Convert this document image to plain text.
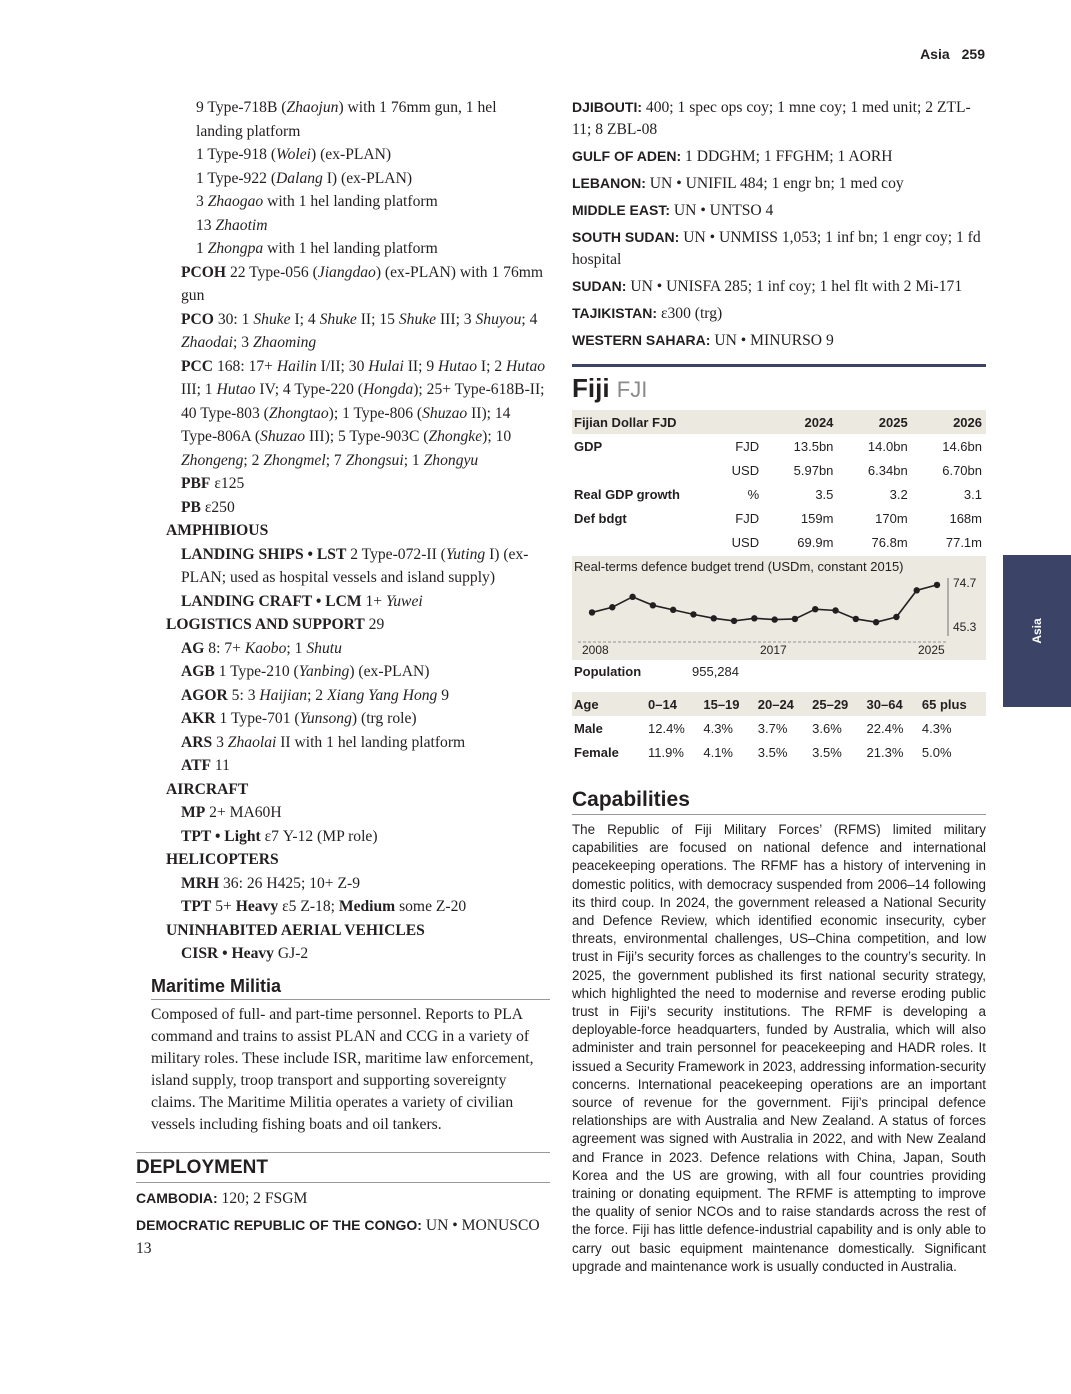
Asia 259
Asia

9 Type-718B (Zhaojun) with 1 76mm gun, 1 hel

landing platform

1 Type-918 (Wolei) (ex-PLAN)

1 Type-922 (Dalang I) (ex-PLAN)

3 Zhaogao with 1 hel landing platform

13 Zhaotim

1 Zhongpa with 1 hel landing platform

PCOH 22 Type-056 (Jiangdao) (ex-PLAN) with 1 76mm gun

PCO 30: 1 Shuke I; 4 Shuke II; 15 Shuke III; 3 Shuyou; 4 Zhaodai; 3 Zhaoming

PCC 168: 17+ Hailin I/II; 30 Hulai II; 9 Hutao I; 2 Hutao III; 1 Hutao IV; 4 Type-220 (Hongda); 25+ Type-618B-II; 40 Type-803 (Zhongtao); 1 Type-806 (Shuzao II); 14 Type-806A (Shuzao III); 5 Type-903C (Zhongke); 10 Zhongeng; 2 Zhongmel; 7 Zhongsui; 1 Zhongyu

PBF ε125

PB ε250

AMPHIBIOUS

LANDING SHIPS • LST 2 Type-072-II (Yuting I) (ex-PLAN; used as hospital vessels and island supply)

LANDING CRAFT • LCM 1+ Yuwei

LOGISTICS AND SUPPORT 29

AG 8: 7+ Kaobo; 1 Shutu

AGB 1 Type-210 (Yanbing) (ex-PLAN)

AGOR 5: 3 Haijian; 2 Xiang Yang Hong 9

AKR 1 Type-701 (Yunsong) (trg role)

ARS 3 Zhaolai II with 1 hel landing platform

ATF 11

AIRCRAFT

MP 2+ MA60H

TPT • Light ε7 Y-12 (MP role)

HELICOPTERS

MRH 36: 26 H425; 10+ Z-9

TPT 5+ Heavy ε5 Z-18; Medium some Z-20

UNINHABITED AERIAL VEHICLES

CISR • Heavy GJ-2

Maritime Militia
Composed of full- and part-time personnel. Reports to PLA command and trains to assist PLAN and CCG in a variety of military roles. These include ISR, maritime law enforcement, island supply, troop transport and supporting sovereignty claims. The Maritime Militia operates a variety of civilian vessels including fishing boats and oil tankers.
DEPLOYMENT

CAMBODIA: 120; 2 FSGM

DEMOCRATIC REPUBLIC OF THE CONGO: UN • MONUSCO 13

DJIBOUTI: 400; 1 spec ops coy; 1 mne coy; 1 med unit; 2 ZTL-11; 8 ZBL-08

GULF OF ADEN: 1 DDGHM; 1 FFGHM; 1 AORH

LEBANON: UN • UNIFIL 484; 1 engr bn; 1 med coy

MIDDLE EAST: UN • UNTSO 4

SOUTH SUDAN: UN • UNMISS 1,053; 1 inf bn; 1 engr coy; 1 fd hospital

SUDAN: UN • UNISFA 285; 1 inf coy; 1 hel flt with 2 Mi-171

TAJIKISTAN: ε300 (trg)

WESTERN SAHARA: UN • MINURSO 9

Fiji FJI
Fijian Dollar FJD		2024	2025	2026
GDP	FJD	13.5bn	14.0bn	14.6bn
	USD	5.97bn	6.34bn	6.70bn
Real GDP growth	%	3.5	3.2	3.1
Def bdgt	FJD	159m	170m	168m
	USD	69.9m	76.8m	77.1m
Real-terms defence budget trend (USDm, constant 2015)
74.7
45.3
2008	2017	2025
Population	955,284
Age	0–14	15–19	20–24	25–29	30–64	65 plus
Male	12.4%	4.3%	3.7%	3.6%	22.4%	4.3%
Female	11.9%	4.1%	3.5%	3.5%	21.3%	5.0%
Capabilities
The Republic of Fiji Military Forces’ (RFMS) limited military capabilities are focused on national defence and international peacekeeping operations. The RFMF has a history of intervening in domestic politics, with democracy suspended from 2006–14 following its third coup. In 2024, the government released a National Security and Defence Review, which identified economic insecurity, cyber threats, environmental challenges, US–China competition, and low trust in Fiji’s security forces as challenges to the country’s security. In 2025, the government published its first national security strategy, which highlighted the need to modernise and reverse eroding public trust in Fiji’s security institutions. The RFMF is developing a deployable-force headquarters, funded by Australia, which will also administer and train personnel for peacekeeping and HADR roles. It issued a Security Framework in 2023, addressing information-security concerns. International peacekeeping operations are an important source of revenue for the government. Fiji’s principal defence relationships are with Australia and New Zealand. A status of forces agreement was signed with Australia in 2022, and with New Zealand and France in 2023. Defence relations with China, Japan, South Korea and the US are growing, with all four countries providing training or donating equipment. The RFMF is attempting to improve the quality of senior NCOs and to raise standards across the rest of the force. Fiji has little defence-industrial capability and is only able to carry out basic equipment maintenance domestically. Significant upgrade and maintenance work is usually conducted in Australia.
